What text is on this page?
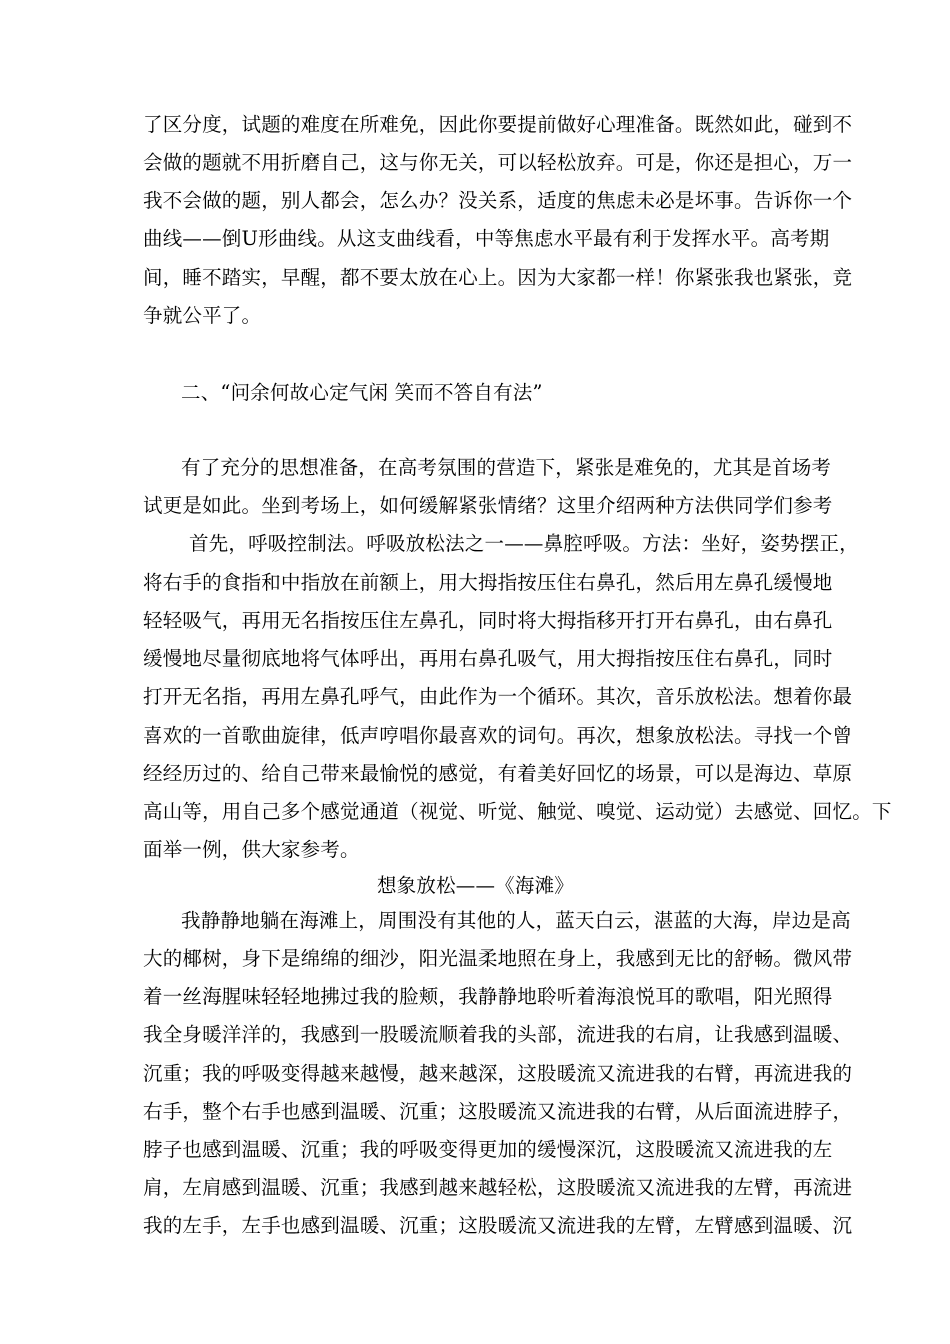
了区分度，试题的难度在所难免，因此你要提前做好心理准备。既然如此，碰到不
会做的题就不用折磨自己，这与你无关，可以轻松放弃。可是，你还是担心，万一
我不会做的题，别人都会，怎么办？没关系，适度的焦虑未必是坏事。告诉你一个
曲线——倒U形曲线。从这支曲线看，中等焦虑水平最有利于发挥水平。高考期
间，睡不踏实，早醒，都不要太放在心上。因为大家都一样！你紧张我也紧张，竞
争就公平了。
二、“问余何故心定气闲 笑而不答自有法”
有了充分的思想准备，在高考氛围的营造下，紧张是难免的，尤其是首场考
试更是如此。坐到考场上，如何缓解紧张情绪？这里介绍两种方法供同学们参考
首先，呼吸控制法。呼吸放松法之一——鼻腔呼吸。方法：坐好，姿势摆正，
将右手的食指和中指放在前额上，用大拇指按压住右鼻孔，然后用左鼻孔缓慢地
轻轻吸气，再用无名指按压住左鼻孔，同时将大拇指移开打开右鼻孔，由右鼻孔
缓慢地尽量彻底地将气体呼出，再用右鼻孔吸气，用大拇指按压住右鼻孔，同时
打开无名指，再用左鼻孔呼气，由此作为一个循环。其次，音乐放松法。想着你最
喜欢的一首歌曲旋律，低声哼唱你最喜欢的词句。再次，想象放松法。寻找一个曾
经经历过的、给自己带来最愉悦的感觉，有着美好回忆的场景，可以是海边、草原
高山等，用自己多个感觉通道（视觉、听觉、触觉、嗅觉、运动觉）去感觉、回忆。下
面举一例，供大家参考。
想象放松——《海滩》
我静静地躺在海滩上，周围没有其他的人，蓝天白云，湛蓝的大海，岸边是高
大的椰树，身下是绵绵的细沙，阳光温柔地照在身上，我感到无比的舒畅。微风带
着一丝海腥味轻轻地拂过我的脸颊，我静静地聆听着海浪悦耳的歌唱，阳光照得
我全身暖洋洋的，我感到一股暖流顺着我的头部，流进我的右肩，让我感到温暖、
沉重；我的呼吸变得越来越慢，越来越深，这股暖流又流进我的右臂，再流进我的
右手，整个右手也感到温暖、沉重；这股暖流又流进我的右臂，从后面流进脖子，
脖子也感到温暖、沉重；我的呼吸变得更加的缓慢深沉，这股暖流又流进我的左
肩，左肩感到温暖、沉重；我感到越来越轻松，这股暖流又流进我的左臂，再流进
我的左手，左手也感到温暖、沉重；这股暖流又流进我的左臂，左臂感到温暖、沉
